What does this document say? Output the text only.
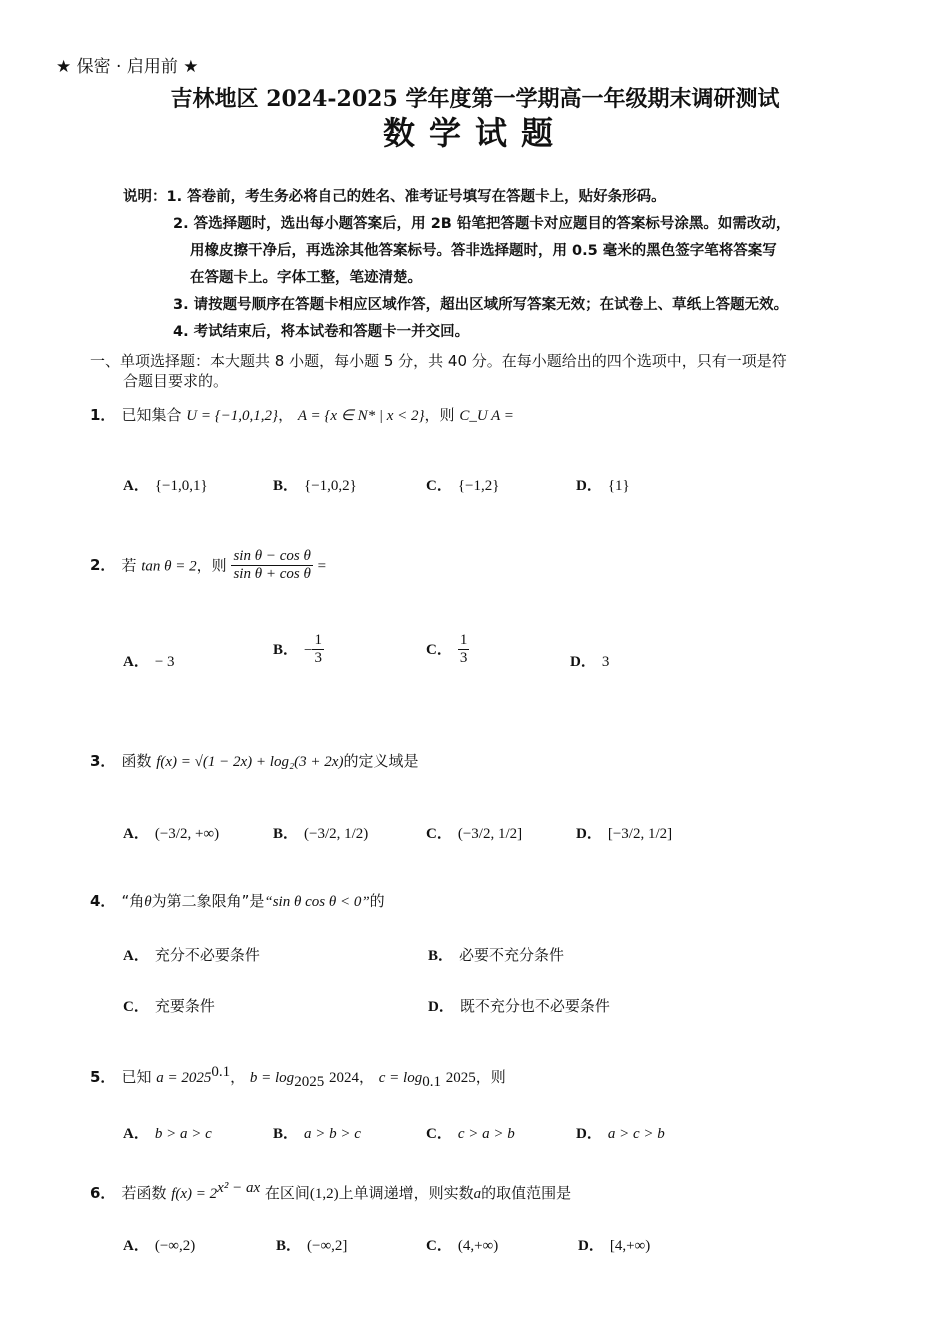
★ 保密 · 启用前 ★
吉林地区 2024-2025 学年度第一学期高一年级期末调研测试
数学试题
说明：1. 答卷前，考生务必将自己的姓名、准考证号填写在答题卡上，贴好条形码。
2. 答选择题时，选出每小题答案后，用 2B 铅笔把答题卡对应题目的答案标号涂黑。如需改动，
用橡皮擦干净后，再选涂其他答案标号。答非选择题时，用 0.5 毫米的黑色签字笔将答案写
在答题卡上。字体工整，笔迹清楚。
3. 请按题号顺序在答题卡相应区域作答，超出区域所写答案无效；在试卷上、草纸上答题无效。
4. 考试结束后，将本试卷和答题卡一并交回。
一、单项选择题：本大题共 8 小题，每小题 5 分，共 40 分。在每小题给出的四个选项中，只有一项是符
合题目要求的。
1． 已知集合 U = {−1,0,1,2}， A = {x ∈ N* | x < 2}，则 C_U A =
A． {−1,0,1}	B． {−1,0,2}	C． {−1,2}	D． {1}
2． 若 tan θ = 2，则 $\frac{\text{sin θ − cos θ}}{\text{sin θ + cos θ}}$ =
A． − 3
B． − $\frac{1}{3}$	C． $\frac{1}{3}$	D． 3
3． 函数 f(x) = √(1 − 2x) + log₂(3 + 2x)的定义域是
A． (−3/2, +∞)	B． (−3/2, 1/2)	C． (−3/2, 1/2]	D． [−3/2, 1/2]
4． “角θ为第二象限角”是“sin θ cos θ < 0”的
A． 充分不必要条件	B． 必要不充分条件
C． 充要条件	D． 既不充分也不必要条件
5． 已知 $a = 2025^{0.1}$， $b = \log_{2025} 2024$， $c = \log_{0.1} 2025$，则
A． b > a > c	B． a > b > c	C． c > a > b	D． a > c > b
6． 若函数 $f(x) = 2^{x^2 - ax}$ 在区间(1,2)上单调递增，则实数a的取值范围是
A． (−∞,2)	B． (−∞,2]	C． (4,+∞)	D． [4,+∞)
